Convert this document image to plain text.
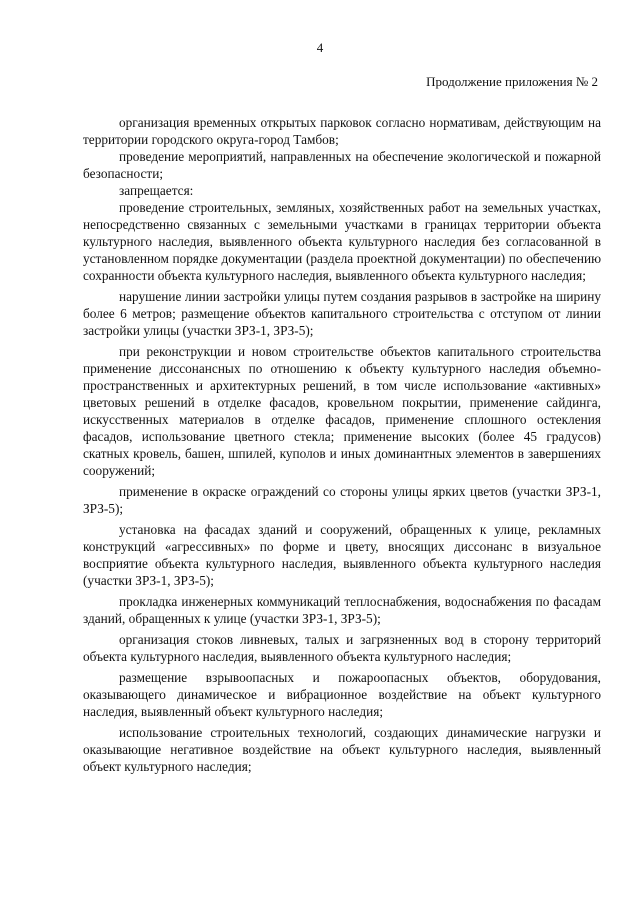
4
Продолжение приложения № 2

организация временных открытых парковок согласно нормативам, действующим на территории городского округа-город Тамбов;

проведение мероприятий, направленных на обеспечение экологической и пожарной безопасности;

запрещается:

проведение строительных, земляных, хозяйственных работ на земельных участках, непосредственно связанных с земельными участками в границах территории объекта культурного наследия, выявленного объекта культурного наследия без согласованной в установленном порядке документации (раздела проектной документации) по обеспечению сохранности объекта культурного наследия, выявленного объекта культурного наследия;

нарушение линии застройки улицы путем создания разрывов в застройке на ширину более 6 метров; размещение объектов капитального строительства с отступом от линии застройки улицы (участки ЗРЗ-1, ЗРЗ-5);

при реконструкции и новом строительстве объектов капитального строительства применение диссонансных по отношению к объекту культурного наследия объемно-пространственных и архитектурных решений, в том числе использование «активных» цветовых решений в отделке фасадов, кровельном покрытии, применение сайдинга, искусственных материалов в отделке фасадов, применение сплошного остекления фасадов, использование цветного стекла; применение высоких (более 45 градусов) скатных кровель, башен, шпилей, куполов и иных доминантных элементов в завершениях сооружений;

применение в окраске ограждений со стороны улицы ярких цветов (участки ЗРЗ-1, ЗРЗ-5);

установка на фасадах зданий и сооружений, обращенных к улице, рекламных конструкций «агрессивных» по форме и цвету, вносящих диссонанс в визуальное восприятие объекта культурного наследия, выявленного объекта культурного наследия (участки ЗРЗ-1, ЗРЗ-5);

прокладка инженерных коммуникаций теплоснабжения, водоснабжения по фасадам зданий, обращенных к улице (участки ЗРЗ-1, ЗРЗ-5);

организация стоков ливневых, талых и загрязненных вод в сторону территорий объекта культурного наследия, выявленного объекта культурного наследия;

размещение взрывоопасных и пожароопасных объектов, оборудования, оказывающего динамическое и вибрационное воздействие на объект культурного наследия, выявленный объект культурного наследия;

использование строительных технологий, создающих динамические нагрузки и оказывающие негативное воздействие на объект культурного наследия, выявленный объект культурного наследия;
